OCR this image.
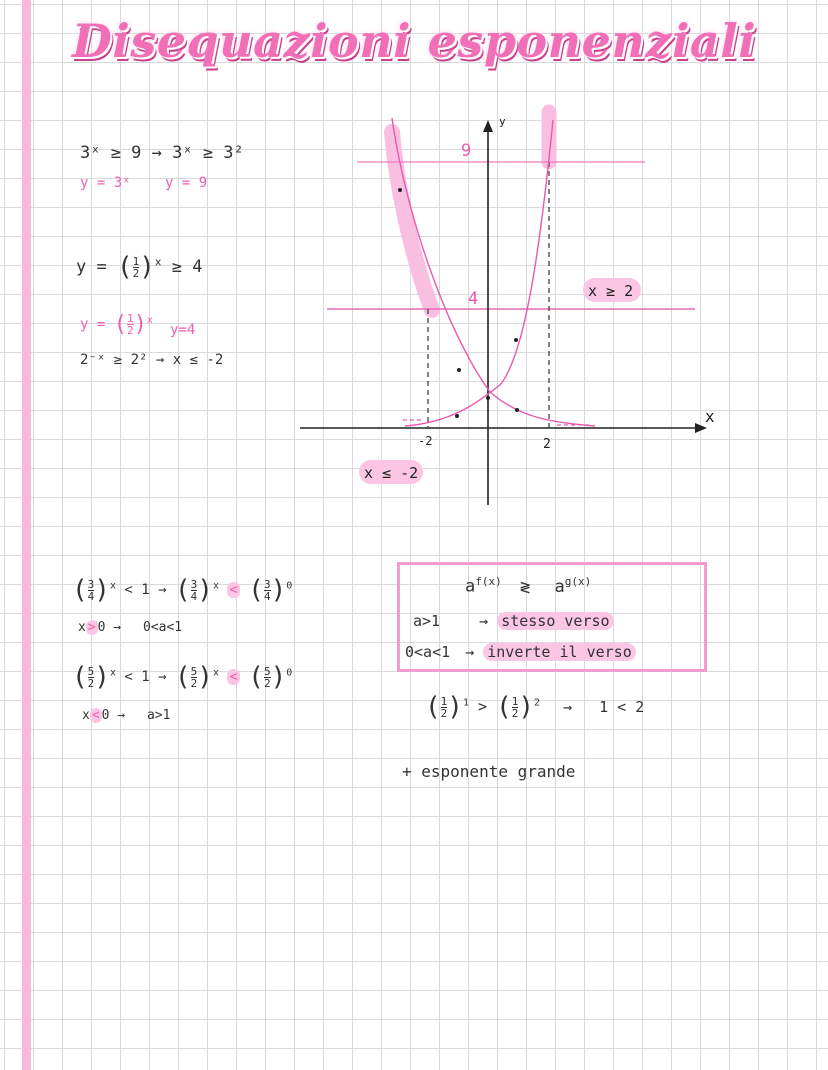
Disequazioni esponenziali
3ˣ ≥ 9 → 3ˣ ≥ 3²
y = 3ˣ y = 9
y = ( $\frac{1}{2} )^x \ge 4$
y = ( $\frac{1}{2} )^x$
y=4
2⁻ˣ ≥ 2² → x ≤ -2
9
4
y
x
-2	2
x ≥ 2
x ≤ -2
( $\frac{3}{4} )^x < 1$ → ( $\frac{3}{4} )^x$ < ( $\frac{3}{4} )^0$
x > 0 → 0<a<1
( $\frac{5}{2} )^x < 1$ → ( $\frac{5}{2} )^x$ < ( $\frac{5}{2} )^0$
x < 0 → a>1
$a^{f(x)}$ ≷ $a^{g(x)}$
a>1	→ stesso verso
0<a<1 → inverte il verso
( $\frac{1}{2} )^1$ > ( $\frac{1}{2} )^2 \to 1 < 2$
+ esponente grande
